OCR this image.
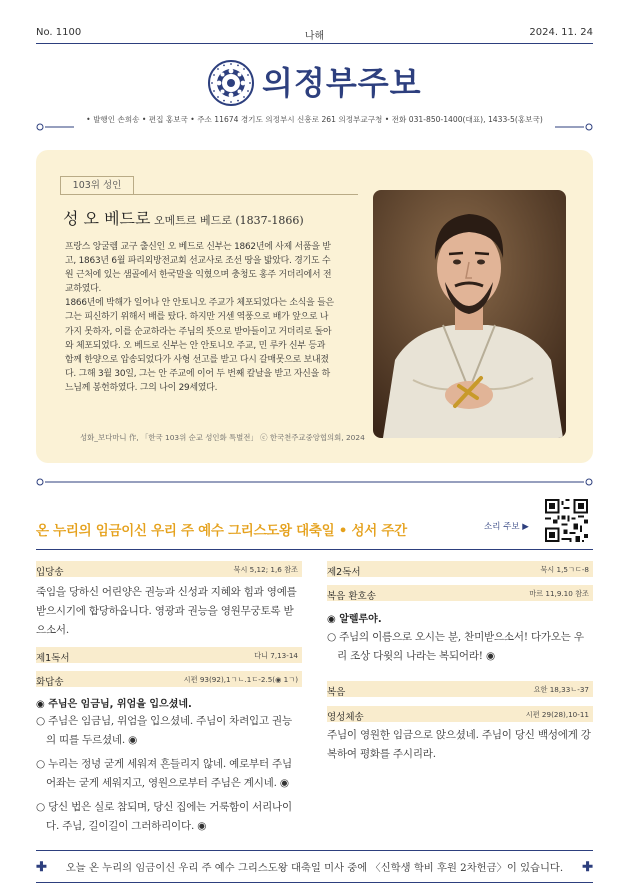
No. 1100	나해	2024. 11. 24
의정부주보
• 발행인 손희송 • 편집 홍보국 • 주소 11674 경기도 의정부시 신흥로 261 의정부교구청 • 전화 031-850-1400(대표), 1433-5(홍보국)
103위 성인
성 오 베드로 오메트르 베드로 (1837-1866)
프랑스 앙굴렘 교구 출신인 오 베드로 신부는 1862년에 사제 서품을 받
고, 1863년 6월 파리외방전교회 선교사로 조선 땅을 밟았다. 경기도 수
원 근처에 있는 샘골에서 한국말을 익혔으며 충청도 홍주 거더리에서 전
교하였다.
1866년에 박해가 일어나 안 안토니오 주교가 체포되었다는 소식을 들은
그는 피신하기 위해서 배를 탔다. 하지만 거센 역풍으로 배가 앞으로 나
가지 못하자, 이를 순교하라는 주님의 뜻으로 받아들이고 거더리로 돌아
와 체포되었다. 오 베드로 신부는 안 안토니오 주교, 민 루카 신부 등과
함께 한양으로 압송되었다가 사형 선고를 받고 다시 갈매못으로 보내졌
다. 그해 3월 30일, 그는 안 주교에 이어 두 번째 칼날을 받고 자신을 하
느님께 봉헌하였다. 그의 나이 29세였다.
성화_보다마니 作, 「한국 103위 순교 성인화 특별전」 ⓒ 한국천주교중앙협의회, 2024
온 누리의 임금이신 우리 주 예수 그리스도왕 대축일 • 성서 주간	소리 주보 ▶
입당송	묵시 5,12; 1,6 참조
죽임을 당하신 어린양은 권능과 신성과 지혜와 힘과 영예를
받으시기에 합당하옵니다. 영광과 권능을 영원무궁토록 받
으소서.
제1독서	다니 7,13-14
화답송	시편 93(92),1ㄱㄴ.1ㄷ-2.5(◉ 1ㄱ)
◉ 주님은 임금님, 위엄을 입으셨네.
○ 주님은 임금님, 위엄을 입으셨네. 주님이 차려입고 권능
의 띠를 두르셨네. ◉
○ 누리는 정녕 굳게 세워져 흔들리지 않네. 예로부터 주님
어좌는 굳게 세워지고, 영원으로부터 주님은 계시네. ◉
○ 당신 법은 실로 참되며, 당신 집에는 거룩함이 서리나이
다. 주님, 길이길이 그러하리이다. ◉
제2독서	묵시 1,5ㄱㄷ-8
복음 환호송	마르 11,9.10 참조
◉ 알렐루야.
○ 주님의 이름으로 오시는 분, 찬미받으소서! 다가오는 우
리 조상 다윗의 나라는 복되어라! ◉
복음	요한 18,33ㄴ-37
영성체송	시편 29(28),10-11
주님이 영원한 임금으로 앉으셨네. 주님이 당신 백성에게 강
복하여 평화를 주시리라.
✚ 오늘 온 누리의 임금이신 우리 주 예수 그리스도왕 대축일 미사 중에 〈신학생 학비 후원 2차헌금〉이 있습니다. ✚
